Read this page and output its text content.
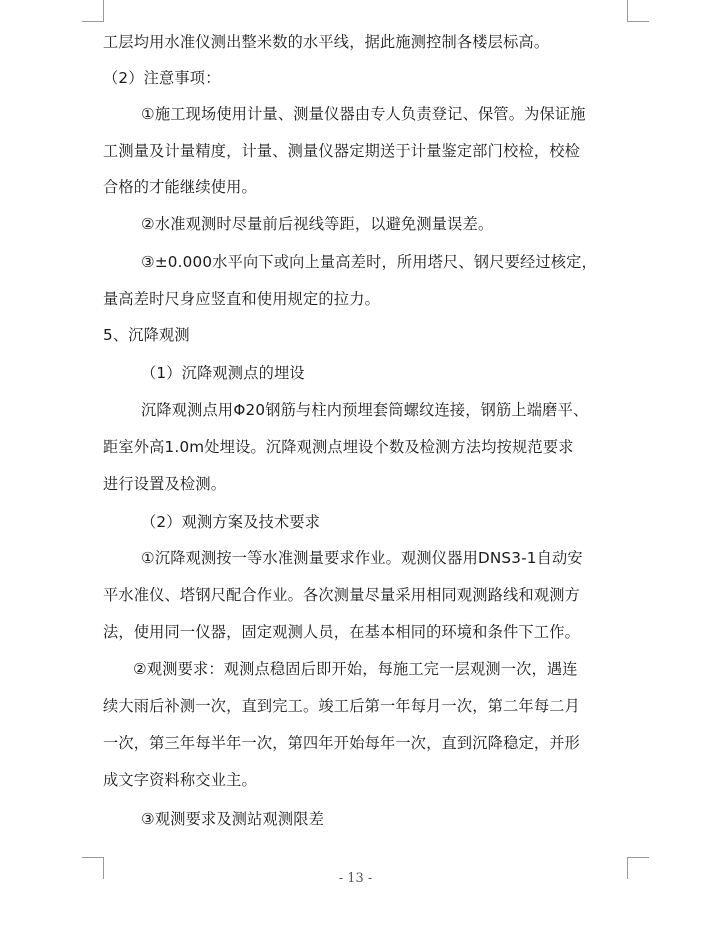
工层均用水准仪测出整米数的水平线，据此施测控制各楼层标高。
（2）注意事项：
①施工现场使用计量、测量仪器由专人负责登记、保管。为保证施
工测量及计量精度，计量、测量仪器定期送于计量鉴定部门校检，校检
合格的才能继续使用。
②水准观测时尽量前后视线等距，以避免测量误差。
③±0.000水平向下或向上量高差时，所用塔尺、钢尺要经过核定，
量高差时尺身应竖直和使用规定的拉力。
5、沉降观测
（1）沉降观测点的埋设
沉降观测点用Φ20钢筋与柱内预埋套筒螺纹连接，钢筋上端磨平、
距室外高1.0m处埋设。沉降观测点埋设个数及检测方法均按规范要求
进行设置及检测。
（2）观测方案及技术要求
①沉降观测按一等水准测量要求作业。观测仪器用DNS3-1自动安
平水准仪、塔钢尺配合作业。各次测量尽量采用相同观测路线和观测方
法，使用同一仪器，固定观测人员，在基本相同的环境和条件下工作。
②观测要求：观测点稳固后即开始，每施工完一层观测一次，遇连
续大雨后补测一次，直到完工。竣工后第一年每月一次，第二年每二月
一次，第三年每半年一次，第四年开始每年一次，直到沉降稳定，并形
成文字资料称交业主。
③观测要求及测站观测限差
- 13 -
